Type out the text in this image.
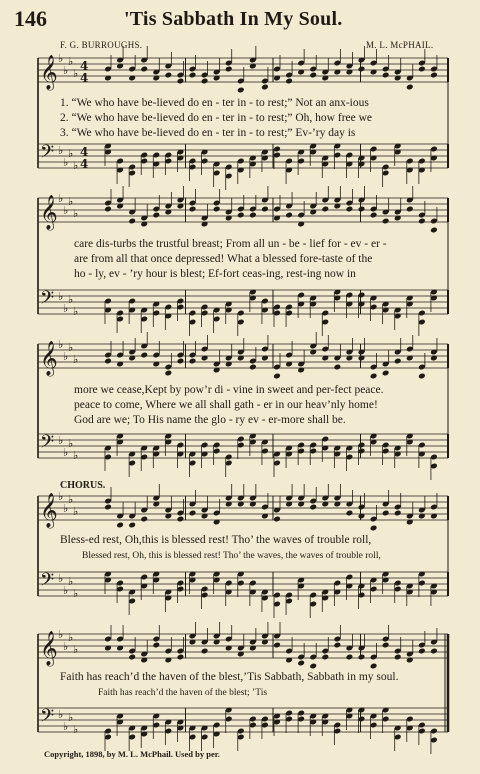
146	'Tis Sabbath In My Soul.
F. G. BURROUGHS.	M. L. McPHAIL.
𝄞 ♭
♭
♭
♭
4
4
𝄢 ♭
♭
♭
♭
4
4
𝄞 ♭
♭
♭
♭
𝄢 ♭
♭
♭
♭
𝄞 ♭
♭
♭
♭
𝄢 ♭
♭
♭
♭
𝄞 ♭
♭
♭
♭
𝄢 ♭
♭
♭
♭
𝄞 ♭
♭
♭
♭
𝄢 ♭
♭
♭
♭
1. “We who have be-lieved do en - ter in - to rest;” Not an anx-ious
2. “We who have be-lieved do en - ter in - to rest;” Oh, how free we
3. “We who have be-lieved do en - ter in - to rest;” Ev-’ry day is
care dis-turbs the trustful breast; From all un - be - lief for - ev - er -
are from all that once depressed! What a blessed fore-taste of the
ho - ly, ev - ’ry hour is blest; Ef-fort ceas-ing, rest-ing now in
more we cease,Kept by pow’r di - vine in sweet and per-fect peace.
peace to come, Where we all shall gath - er in our heav’nly home!
God are we; To His name the glo - ry ev - er-more shall be.
CHORUS.
Bless-ed rest, Oh,this is blessed rest! Tho’ the waves of trouble roll,
Blessed rest, Oh, this is blessed rest! Tho’ the waves, the waves of trouble roll,
Faith has reach’d the haven of the blest,’Tis Sabbath, Sabbath in my soul.
Faith has reach’d the haven of the blest; ’Tis
Copyright, 1898, by M. L. McPhail. Used by per.
